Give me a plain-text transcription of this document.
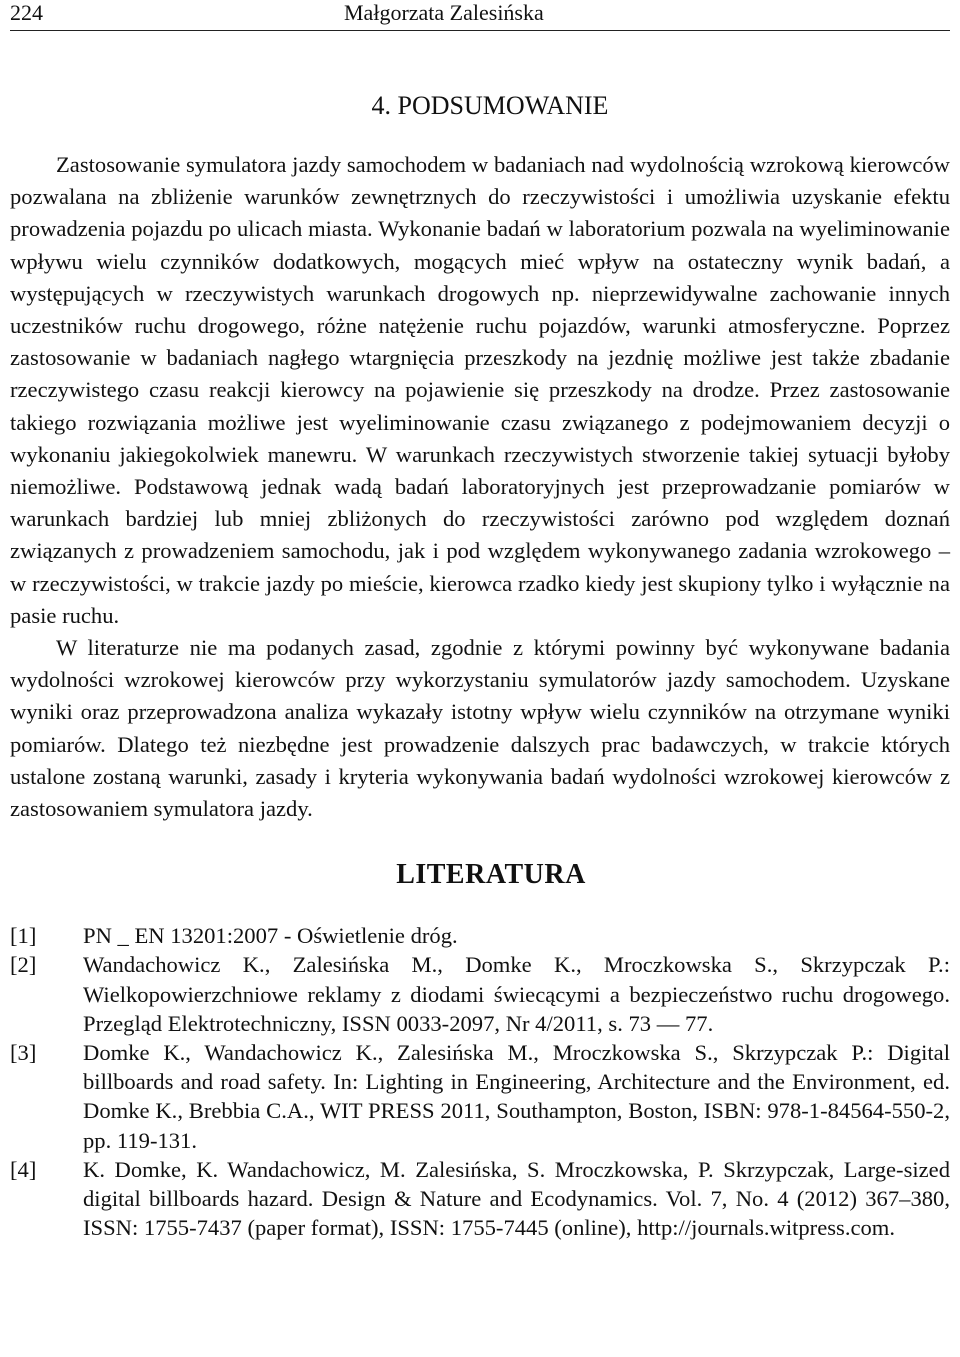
224	Małgorzata Zalesińska
4. PODSUMOWANIE

Zastosowanie symulatora jazdy samochodem w badaniach nad wydolnością wzrokową kierowców pozwalana na zbliżenie warunków zewnętrznych do rzeczywistości i umożliwia uzyskanie efektu prowadzenia pojazdu po ulicach miasta. Wykonanie badań w laboratorium pozwala na wyeliminowanie wpływu wielu czynników dodatkowych, mogących mieć wpływ na ostateczny wynik badań, a występujących w rzeczywistych warunkach drogowych np. nieprzewidywalne zachowanie innych uczestników ruchu drogowego, różne natężenie ruchu pojazdów, warunki atmosferyczne. Poprzez zastosowanie w badaniach nagłego wtargnięcia przeszkody na jezdnię możliwe jest także zbadanie rzeczywistego czasu reakcji kierowcy na pojawienie się przeszkody na drodze. Przez zastosowanie takiego rozwiązania możliwe jest wyeliminowanie czasu związanego z podejmowaniem decyzji o wykonaniu jakiegokolwiek manewru. W warunkach rzeczywistych stworzenie takiej sytuacji byłoby niemożliwe. Podstawową jednak wadą badań laboratoryjnych jest przeprowadzanie pomiarów w warunkach bardziej lub mniej zbliżonych do rzeczywistości zarówno pod względem doznań związanych z prowadzeniem samochodu, jak i pod względem wykonywanego zadania wzrokowego – w rzeczywistości, w trakcie jazdy po mieście, kierowca rzadko kiedy jest skupiony tylko i wyłącznie na pasie ruchu.

W literaturze nie ma podanych zasad, zgodnie z którymi powinny być wykonywane badania wydolności wzrokowej kierowców przy wykorzystaniu symulatorów jazdy samochodem. Uzyskane wyniki oraz przeprowadzona analiza wykazały istotny wpływ wielu czynników na otrzymane wyniki pomiarów. Dlatego też niezbędne jest prowadzenie dalszych prac badawczych, w trakcie których ustalone zostaną warunki, zasady i kryteria wykonywania badań wydolności wzrokowej kierowców z zastosowaniem symulatora jazdy.

LITERATURA
[1] PN _ EN 13201:2007 - Oświetlenie dróg.
[2] Wandachowicz K., Zalesińska M., Domke K., Mroczkowska S., Skrzypczak P.: Wielkopowierzchniowe reklamy z diodami świecącymi a bezpieczeństwo ruchu drogowego. Przegląd Elektrotechniczny, ISSN 0033-2097, Nr 4/2011, s. 73 — 77.
[3] Domke K., Wandachowicz K., Zalesińska M., Mroczkowska S., Skrzypczak P.: Digital billboards and road safety. In: Lighting in Engineering, Architecture and the Environment, ed. Domke K., Brebbia C.A., WIT PRESS 2011, Southampton, Boston, ISBN: 978-1-84564-550-2, pp. 119-131.
[4] K. Domke, K. Wandachowicz, M. Zalesińska, S. Mroczkowska, P. Skrzypczak, Large-sized digital billboards hazard. Design & Nature and Ecodynamics. Vol. 7, No. 4 (2012) 367–380, ISSN: 1755-7437 (paper format), ISSN: 1755-7445 (online), http://journals.witpress.com.
